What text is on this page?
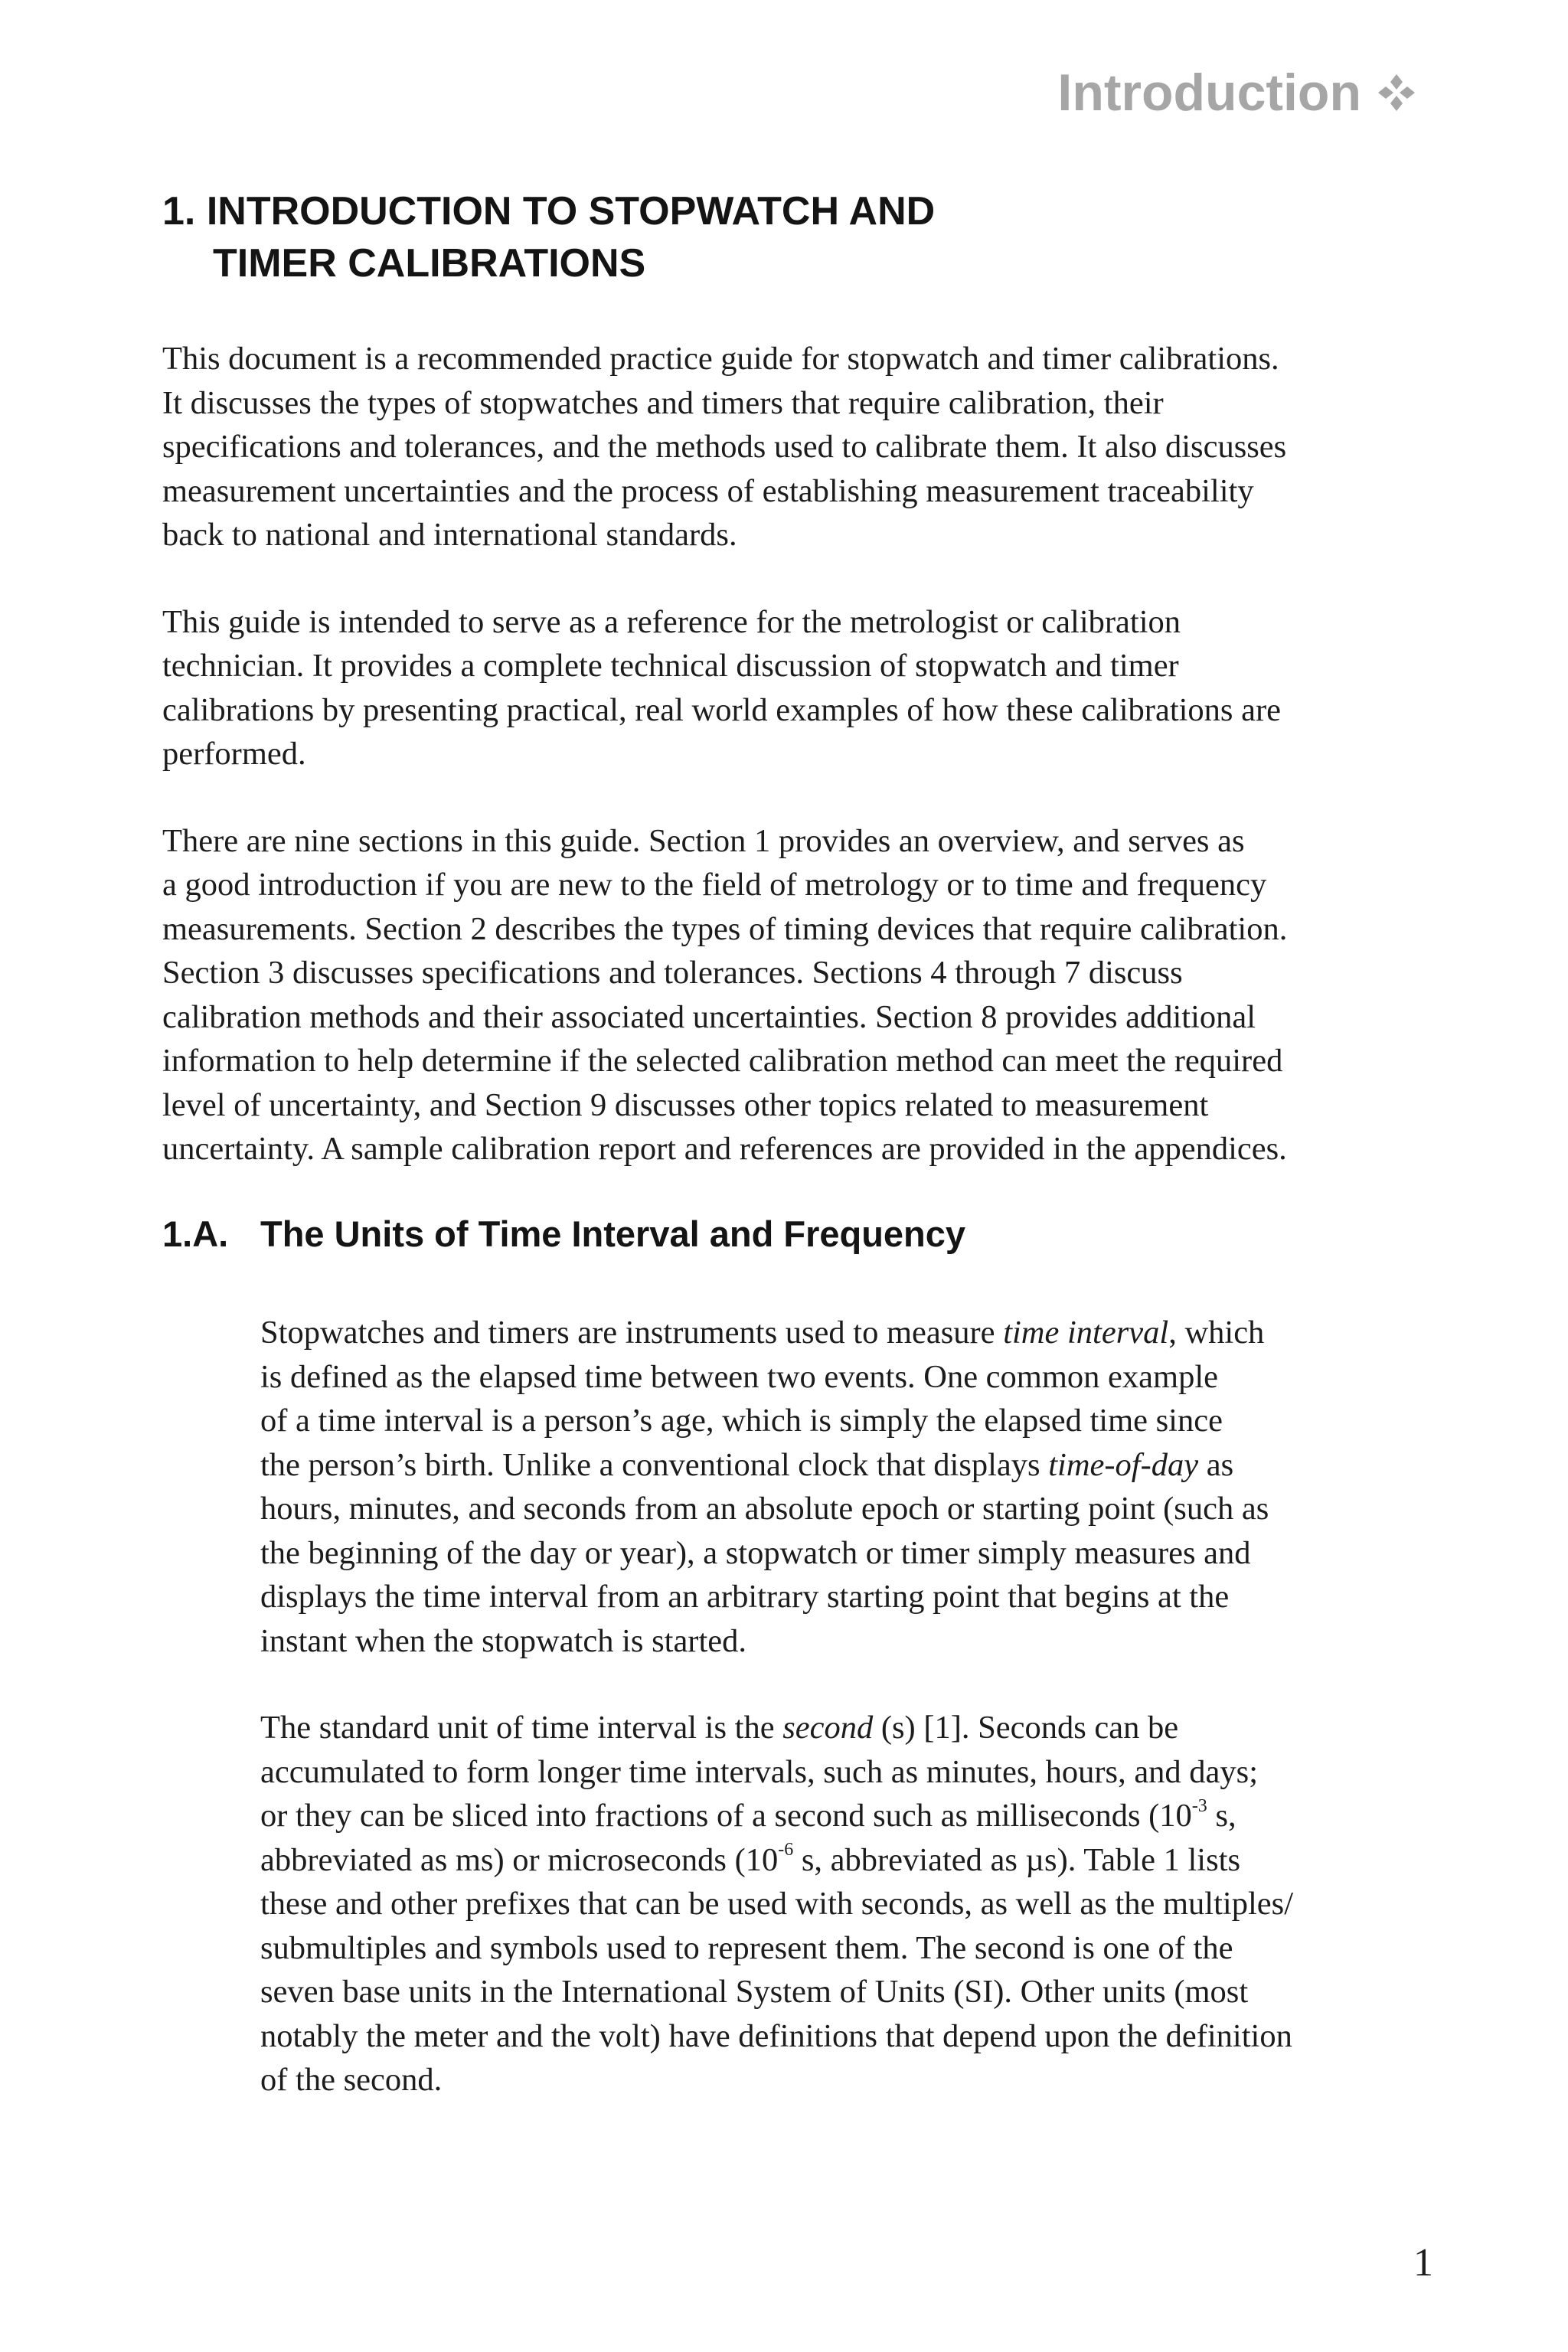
Introduction
1. INTRODUCTION TO STOPWATCH AND
TIMER CALIBRATIONS

This document is a recommended practice guide for stopwatch and timer calibrations.
It discusses the types of stopwatches and timers that require calibration, their
specifications and tolerances, and the methods used to calibrate them. It also discusses
measurement uncertainties and the process of establishing measurement traceability
back to national and international standards.

This guide is intended to serve as a reference for the metrologist or calibration
technician. It provides a complete technical discussion of stopwatch and timer
calibrations by presenting practical, real world examples of how these calibrations are
performed.

There are nine sections in this guide. Section 1 provides an overview, and serves as
a good introduction if you are new to the field of metrology or to time and frequency
measurements. Section 2 describes the types of timing devices that require calibration.
Section 3 discusses specifications and tolerances. Sections 4 through 7 discuss
calibration methods and their associated uncertainties. Section 8 provides additional
information to help determine if the selected calibration method can meet the required
level of uncertainty, and Section 9 discusses other topics related to measurement
uncertainty. A sample calibration report and references are provided in the appendices.

1.A. The Units of Time Interval and Frequency

Stopwatches and timers are instruments used to measure time interval, which
is defined as the elapsed time between two events. One common example
of a time interval is a person’s age, which is simply the elapsed time since
the person’s birth. Unlike a conventional clock that displays time-of-day as
hours, minutes, and seconds from an absolute epoch or starting point (such as
the beginning of the day or year), a stopwatch or timer simply measures and
displays the time interval from an arbitrary starting point that begins at the
instant when the stopwatch is started.

The standard unit of time interval is the second (s) [1]. Seconds can be
accumulated to form longer time intervals, such as minutes, hours, and days;
or they can be sliced into fractions of a second such as milliseconds ($10^{-3}$ s,
abbreviated as ms) or microseconds ($10^{-6}$ s, abbreviated as µs). Table 1 lists
these and other prefixes that can be used with seconds, as well as the multiples/
submultiples and symbols used to represent them. The second is one of the
seven base units in the International System of Units (SI). Other units (most
notably the meter and the volt) have definitions that depend upon the definition
of the second.

1
